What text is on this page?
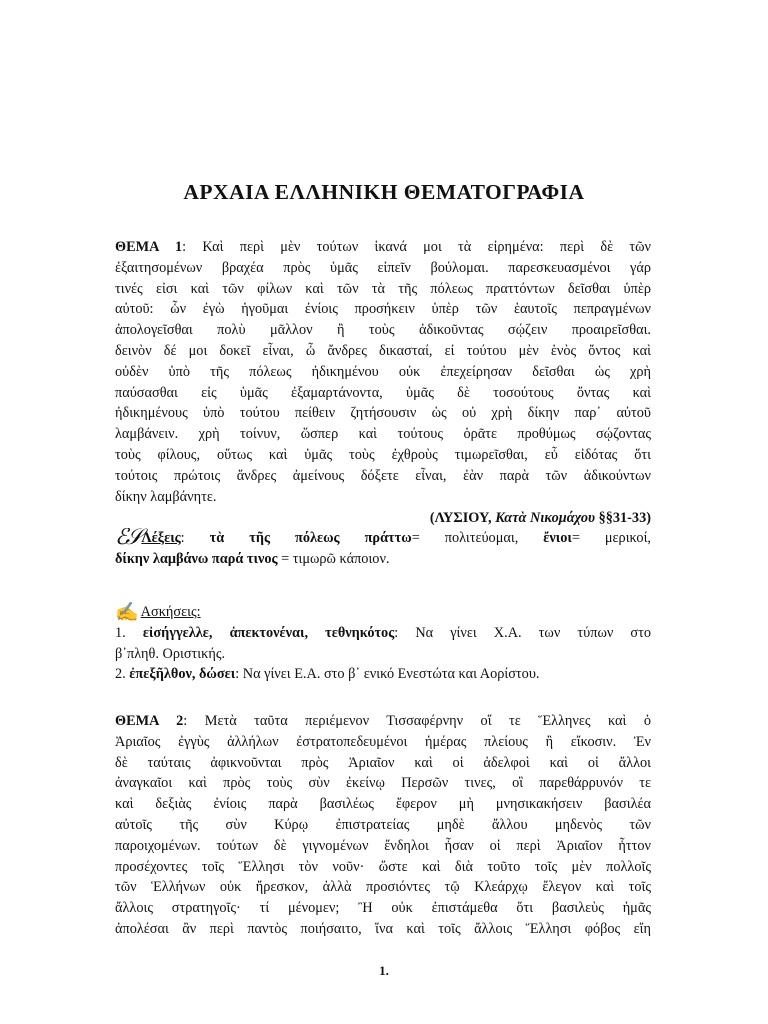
ΑΡΧΑΙΑ ΕΛΛΗΝΙΚΗ ΘΕΜΑΤΟΓΡΑΦΙΑ
ΘΕΜΑ 1: Καὶ περὶ μὲν τούτων ἱκανά μοι τὰ εἰρημένα: περὶ δὲ τῶν
ἐξαιτησομένων βραχέα πρὸς ὑμᾶς εἰπεῖν βούλομαι. παρεσκευασμένοι γάρ
τινές εἰσι καὶ τῶν φίλων καὶ τῶν τὰ τῆς πόλεως πραττόντων δεῖσθαι ὑπὲρ
αὐτοῦ: ὧν ἐγὼ ἡγοῦμαι ἐνίοις προσήκειν ὑπὲρ τῶν ἑαυτοῖς πεπραγμένων
ἀπολογεῖσθαι πολὺ μᾶλλον ἢ τοὺς ἀδικοῦντας σῴζειν προαιρεῖσθαι.
δεινὸν δέ μοι δοκεῖ εἶναι, ὦ ἄνδρες δικασταί, εἰ τούτου μὲν ἑνὸς ὄντος καὶ
οὐδὲν ὑπὸ τῆς πόλεως ἠδικημένου οὐκ ἐπεχείρησαν δεῖσθαι ὡς χρὴ
παύσασθαι εἰς ὑμᾶς ἐξαμαρτάνοντα, ὑμᾶς δὲ τοσούτους ὄντας καὶ
ἠδικημένους ὑπὸ τούτου πείθειν ζητήσουσιν ὡς οὐ χρὴ δίκην παρ᾽ αὐτοῦ
λαμβάνειν. χρὴ τοίνυν, ὥσπερ καὶ τούτους ὁρᾶτε προθύμως σῴζοντας
τοὺς φίλους, οὕτως καὶ ὑμᾶς τοὺς ἐχθροὺς τιμωρεῖσθαι, εὖ εἰδότας ὅτι
τούτοις πρώτοις ἄνδρες ἀμείνους δόξετε εἶναι, ἐὰν παρὰ τῶν ἀδικούντων
δίκην λαμβάνητε.
(ΛΥΣΙΟΥ, Κατὰ Νικομάχου §§31-33)
ℰ𝒮 Λέξεις: τὰ τῆς πόλεως πράττω= πολιτεύομαι, ἔνιοι= μερικοί,
δίκην λαμβάνω παρά τινος = τιμωρῶ κάποιον.
✍ Ασκήσεις:
1. εἰσήγγελλε, ἀπεκτονέναι, τεθνηκότος: Να γίνει Χ.Α. των τύπων στο
β᾽πληθ. Οριστικής.
2. ἐπεξῆλθον, δώσει: Να γίνει Ε.Α. στο β᾽ ενικό Ενεστώτα και Αορίστου.
ΘΕΜΑ 2: Μετὰ ταῦτα περιέμενον Τισσαφέρνην οἵ τε Ἕλληνες καὶ ὁ
Ἀριαῖος ἐγγὺς ἀλλήλων ἐστρατοπεδευμένοι ἡμέρας πλείους ἢ εἴκοσιν. Ἐν
δὲ ταύταις ἀφικνοῦνται πρὸς Ἀριαῖον καὶ οἱ ἀδελφοὶ καὶ οἱ ἄλλοι
ἀναγκαῖοι καὶ πρὸς τοὺς σὺν ἐκείνῳ Περσῶν τινες, οἳ παρεθάρρυνόν τε
καὶ δεξιὰς ἐνίοις παρὰ βασιλέως ἔφερον μὴ μνησικακήσειν βασιλέα
αὐτοῖς τῆς σὺν Κύρῳ ἐπιστρατείας μηδὲ ἄλλου μηδενὸς τῶν
παροιχομένων. τούτων δὲ γιγνομένων ἔνδηλοι ἦσαν οἱ περὶ Ἀριαῖον ἧττον
προσέχοντες τοῖς Ἕλλησι τὸν νοῦν· ὥστε καὶ διὰ τοῦτο τοῖς μὲν πολλοῖς
τῶν Ἑλλήνων οὐκ ἤρεσκον, ἀλλὰ προσιόντες τῷ Κλεάρχῳ ἔλεγον καὶ τοῖς
ἄλλοις στρατηγοῖς· τί μένομεν; Ἢ οὐκ ἐπιστάμεθα ὅτι βασιλεὺς ἡμᾶς
ἀπολέσαι ἂν περὶ παντὸς ποιήσαιτο, ἵνα καὶ τοῖς ἄλλοις Ἕλλησι φόβος εἴη
1.
